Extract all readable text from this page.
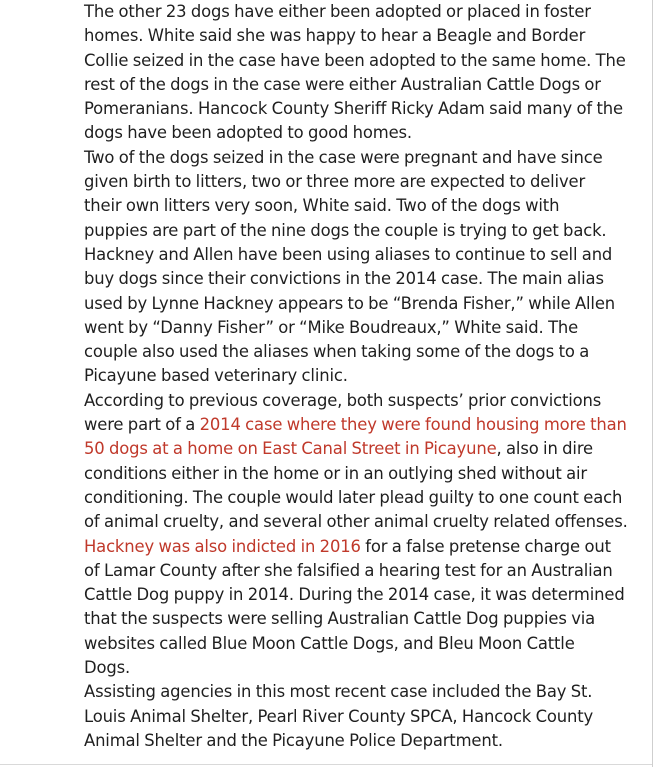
The other 23 dogs have either been adopted or placed in foster
homes. White said she was happy to hear a Beagle and Border
Collie seized in the case have been adopted to the same home. The
rest of the dogs in the case were either Australian Cattle Dogs or
Pomeranians. Hancock County Sheriff Ricky Adam said many of the
dogs have been adopted to good homes.

Two of the dogs seized in the case were pregnant and have since
given birth to litters, two or three more are expected to deliver
their own litters very soon, White said. Two of the dogs with
puppies are part of the nine dogs the couple is trying to get back.

Hackney and Allen have been using aliases to continue to sell and
buy dogs since their convictions in the 2014 case. The main alias
used by Lynne Hackney appears to be “Brenda Fisher,” while Allen
went by “Danny Fisher” or “Mike Boudreaux,” White said. The
couple also used the aliases when taking some of the dogs to a
Picayune based veterinary clinic.

According to previous coverage, both suspects’ prior convictions
were part of a 2014 case where they were found housing more than
50 dogs at a home on East Canal Street in Picayune, also in dire
conditions either in the home or in an outlying shed without air
conditioning. The couple would later plead guilty to one count each
of animal cruelty, and several other animal cruelty related offenses.

Hackney was also indicted in 2016 for a false pretense charge out
of Lamar County after she falsified a hearing test for an Australian
Cattle Dog puppy in 2014. During the 2014 case, it was determined
that the suspects were selling Australian Cattle Dog puppies via
websites called Blue Moon Cattle Dogs, and Bleu Moon Cattle
Dogs.

Assisting agencies in this most recent case included the Bay St.
Louis Animal Shelter, Pearl River County SPCA, Hancock County
Animal Shelter and the Picayune Police Department.
